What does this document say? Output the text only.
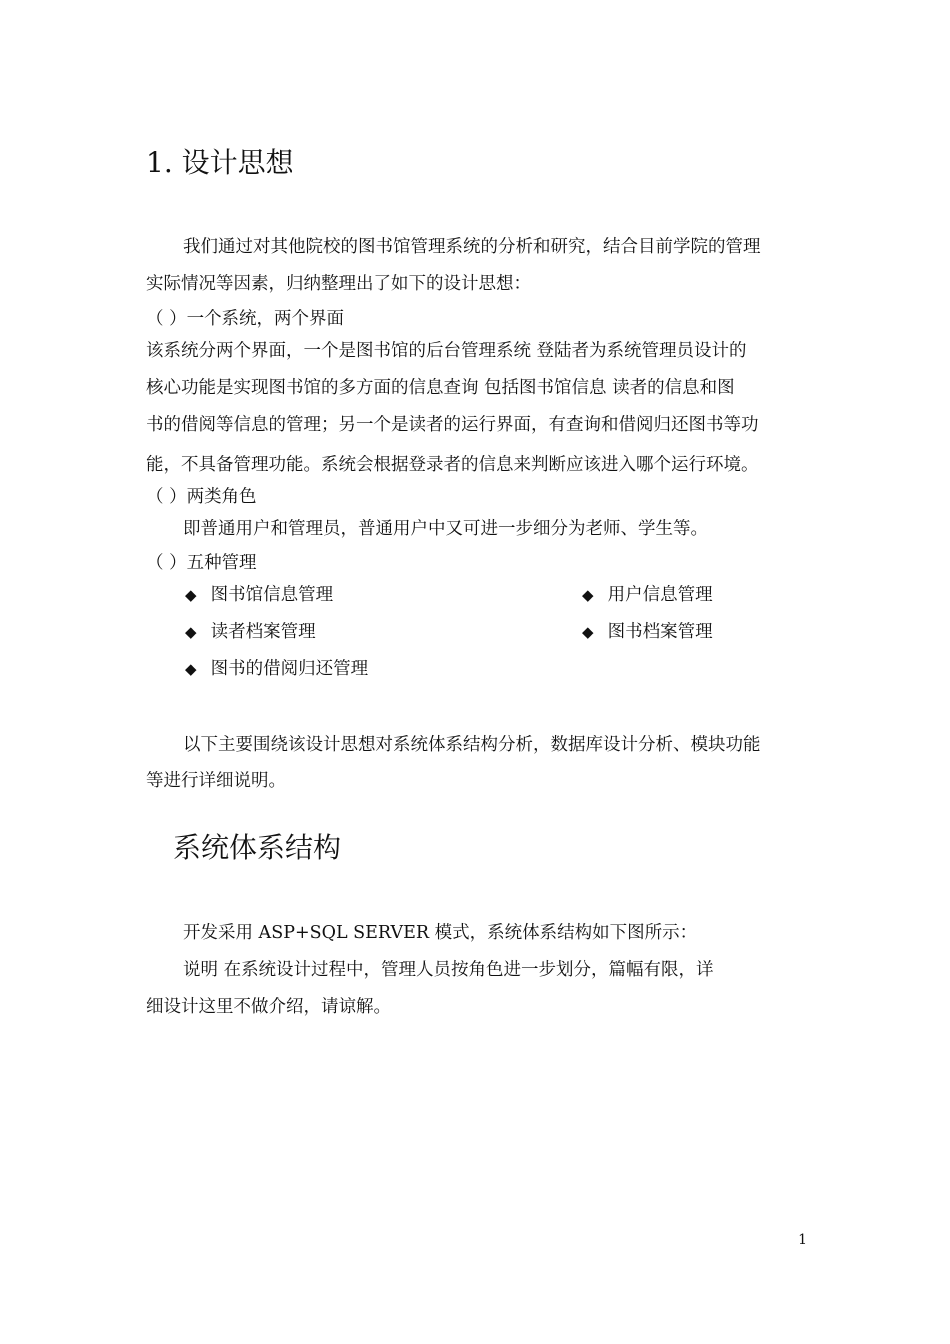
1. 设计思想
我们通过对其他院校的图书馆管理系统的分析和研究，结合目前学院的管理
实际情况等因素，归纳整理出了如下的设计思想：
（ ）一个系统，两个界面
该系统分两个界面，一个是图书馆的后台管理系统 登陆者为系统管理员设计的
核心功能是实现图书馆的多方面的信息查询 包括图书馆信息 读者的信息和图
书的借阅等信息的管理；另一个是读者的运行界面，有查询和借阅归还图书等功
能，不具备管理功能。系统会根据登录者的信息来判断应该进入哪个运行环境。
（ ）两类角色
即普通用户和管理员，普通用户中又可进一步细分为老师、学生等。
（ ）五种管理
◆ 图书馆信息管理	◆ 用户信息管理
◆ 读者档案管理	◆ 图书档案管理
◆ 图书的借阅归还管理
以下主要围绕该设计思想对系统体系结构分析，数据库设计分析、模块功能
等进行详细说明。
系统体系结构
开发采用 ASP+SQL SERVER 模式，系统体系结构如下图所示：
说明 在系统设计过程中，管理人员按角色进一步划分，篇幅有限，详
细设计这里不做介绍，请谅解。
1
